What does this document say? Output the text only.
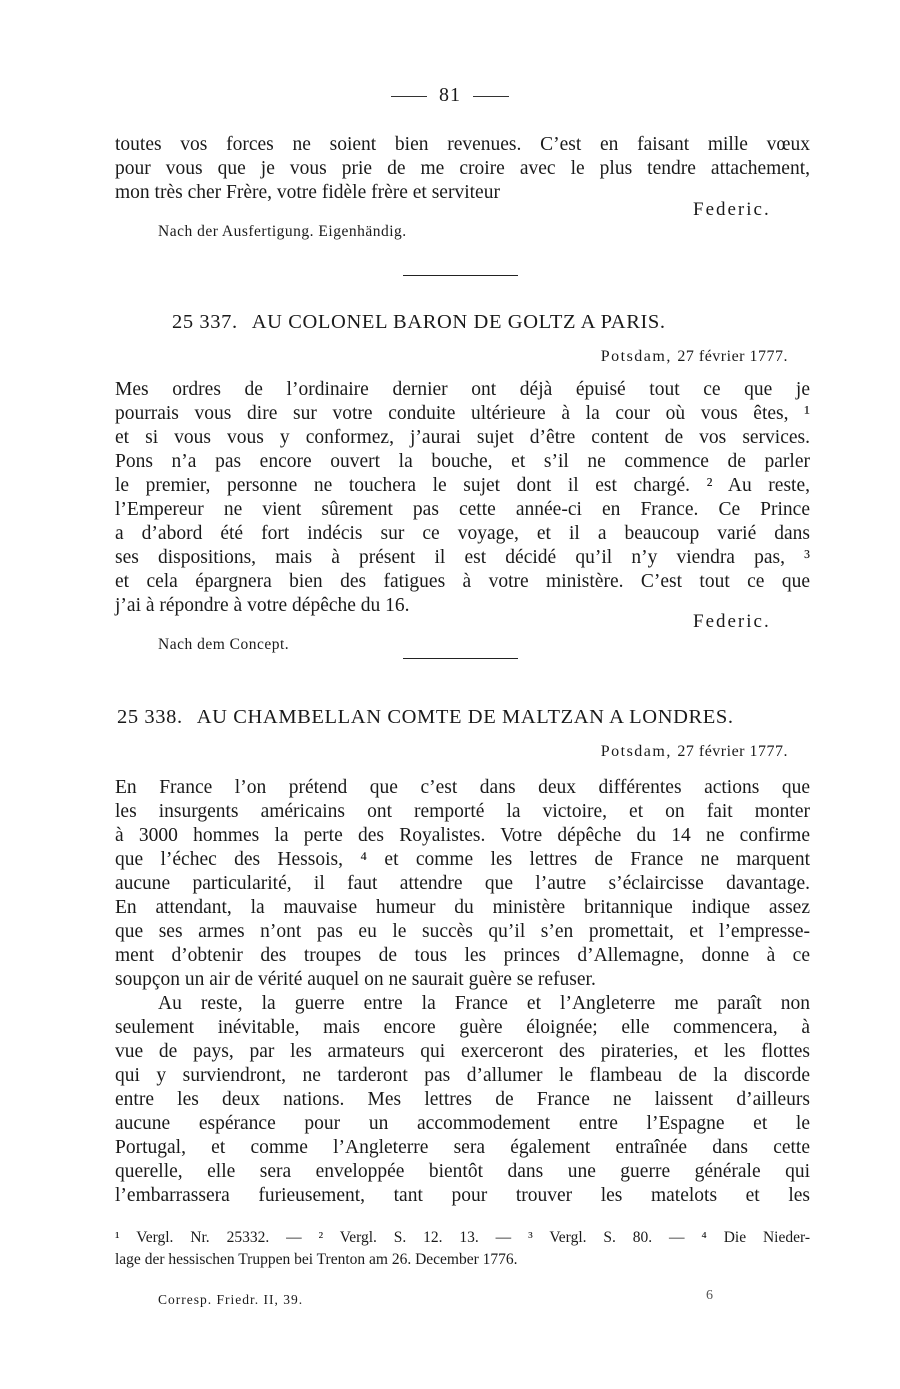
81
toutes vos forces ne soient bien revenues. C’est en faisant mille vœux
pour vous que je vous prie de me croire avec le plus tendre attachement,
mon très cher Frère, votre fidèle frère et serviteur
Federic.
Nach der Ausfertigung. Eigenhändig.
25 337. AU COLONEL BARON DE GOLTZ A PARIS.
Potsdam, 27 février 1777.
Mes ordres de l’ordinaire dernier ont déjà épuisé tout ce que je
pourrais vous dire sur votre conduite ultérieure à la cour où vous êtes, ¹
et si vous vous y conformez, j’aurai sujet d’être content de vos services.
Pons n’a pas encore ouvert la bouche, et s’il ne commence de parler
le premier, personne ne touchera le sujet dont il est chargé. ² Au reste,
l’Empereur ne vient sûrement pas cette année-ci en France. Ce Prince
a d’abord été fort indécis sur ce voyage, et il a beaucoup varié dans
ses dispositions, mais à présent il est décidé qu’il n’y viendra pas, ³
et cela épargnera bien des fatigues à votre ministère. C’est tout ce que
j’ai à répondre à votre dépêche du 16.
Federic.
Nach dem Concept.
25 338. AU CHAMBELLAN COMTE DE MALTZAN A LONDRES.
Potsdam, 27 février 1777.
En France l’on prétend que c’est dans deux différentes actions que
les insurgents américains ont remporté la victoire, et on fait monter
à 3000 hommes la perte des Royalistes. Votre dépêche du 14 ne confirme
que l’échec des Hessois, ⁴ et comme les lettres de France ne marquent
aucune particularité, il faut attendre que l’autre s’éclaircisse davantage.
En attendant, la mauvaise humeur du ministère britannique indique assez
que ses armes n’ont pas eu le succès qu’il s’en promettait, et l’empresse-
ment d’obtenir des troupes de tous les princes d’Allemagne, donne à ce
soupçon un air de vérité auquel on ne saurait guère se refuser.
Au reste, la guerre entre la France et l’Angleterre me paraît non
seulement inévitable, mais encore guère éloignée; elle commencera, à
vue de pays, par les armateurs qui exerceront des pirateries, et les flottes
qui y surviendront, ne tarderont pas d’allumer le flambeau de la discorde
entre les deux nations. Mes lettres de France ne laissent d’ailleurs
aucune espérance pour un accommodement entre l’Espagne et le
Portugal, et comme l’Angleterre sera également entraînée dans cette
querelle, elle sera enveloppée bientôt dans une guerre générale qui
l’embarrassera furieusement, tant pour trouver les matelots et les
¹ Vergl. Nr. 25332. — ² Vergl. S. 12. 13. — ³ Vergl. S. 80. — ⁴ Die Nieder-
lage der hessischen Truppen bei Trenton am 26. December 1776.
Corresp. Friedr. II, 39.	6
